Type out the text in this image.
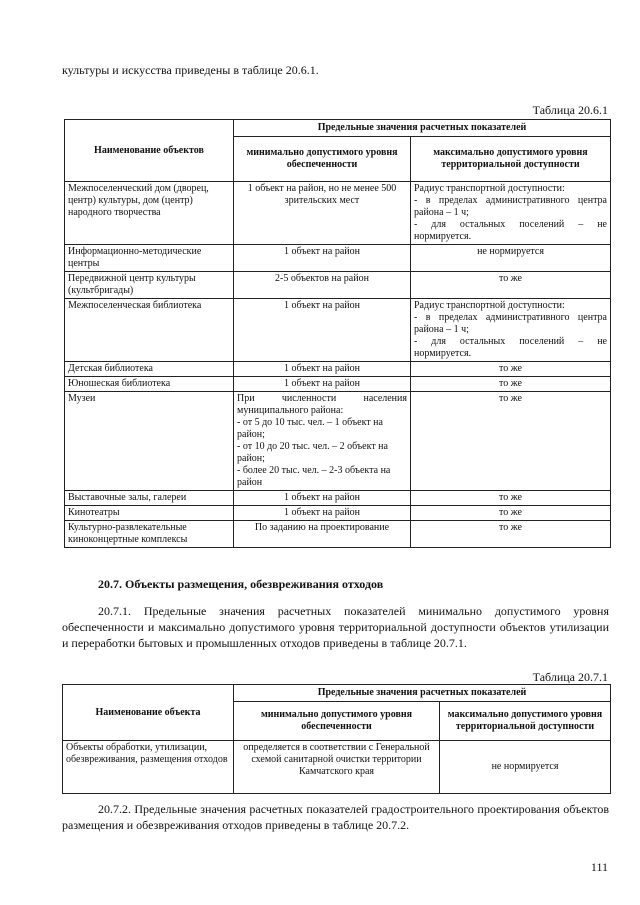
культуры и искусства приведены в таблице 20.6.1.
Таблица 20.6.1
Наименование объектов	Предельные значения расчетных показателей	
	минимально допустимого уровня обеспеченности	максимально допустимого уровня территориальной доступности
Межпоселенческий дом (дворец, центр) культуры, дом (центр) народного творчества	1 объект на район, но не менее 500 зрительских мест	Радиус транспортной доступности:
- в пределах административного центра района – 1 ч;
- для остальных поселений – не нормируется.

Информационно-методические центры	1 объект на район	не нормируется
Передвижной центр культуры (культбригады)	2-5 объектов на район	то же
Межпоселенческая библиотека	1 объект на район	Радиус транспортной доступности:
- в пределах административного центра района – 1 ч;
- для остальных поселений – не нормируется.

Детская библиотека	1 объект на район	то же
Юношеская библиотека	1 объект на район	то же
Музеи	При численности населения муниципального района:
- от 5 до 10 тыс. чел. – 1 объект на район;
- от 10 до 20 тыс. чел. – 2 объект на район;
- более 20 тыс. чел. – 2-3 объекта на район	то же
Выставочные залы, галереи	1 объект на район	то же
Кинотеатры	1 объект на район	то же
Культурно-развлекательные киноконцертные комплексы	По заданию на проектирование	то же
20.7. Объекты размещения, обезвреживания отходов
20.7.1. Предельные значения расчетных показателей минимально допустимого уровня обеспеченности и максимально допустимого уровня территориальной доступности объектов утилизации и переработки бытовых и промышленных отходов приведены в таблице 20.7.1.
Таблица 20.7.1
Наименование объекта	Предельные значения расчетных показателей	
	минимально допустимого уровня обеспеченности	максимально допустимого уровня территориальной доступности
Объекты обработки, утилизации, обезвреживания, размещения отходов	определяется в соответствии с Генеральной схемой санитарной очистки территории Камчатского края	не нормируется
20.7.2. Предельные значения расчетных показателей градостроительного проектирования объектов размещения и обезвреживания отходов приведены в таблице 20.7.2.
111
